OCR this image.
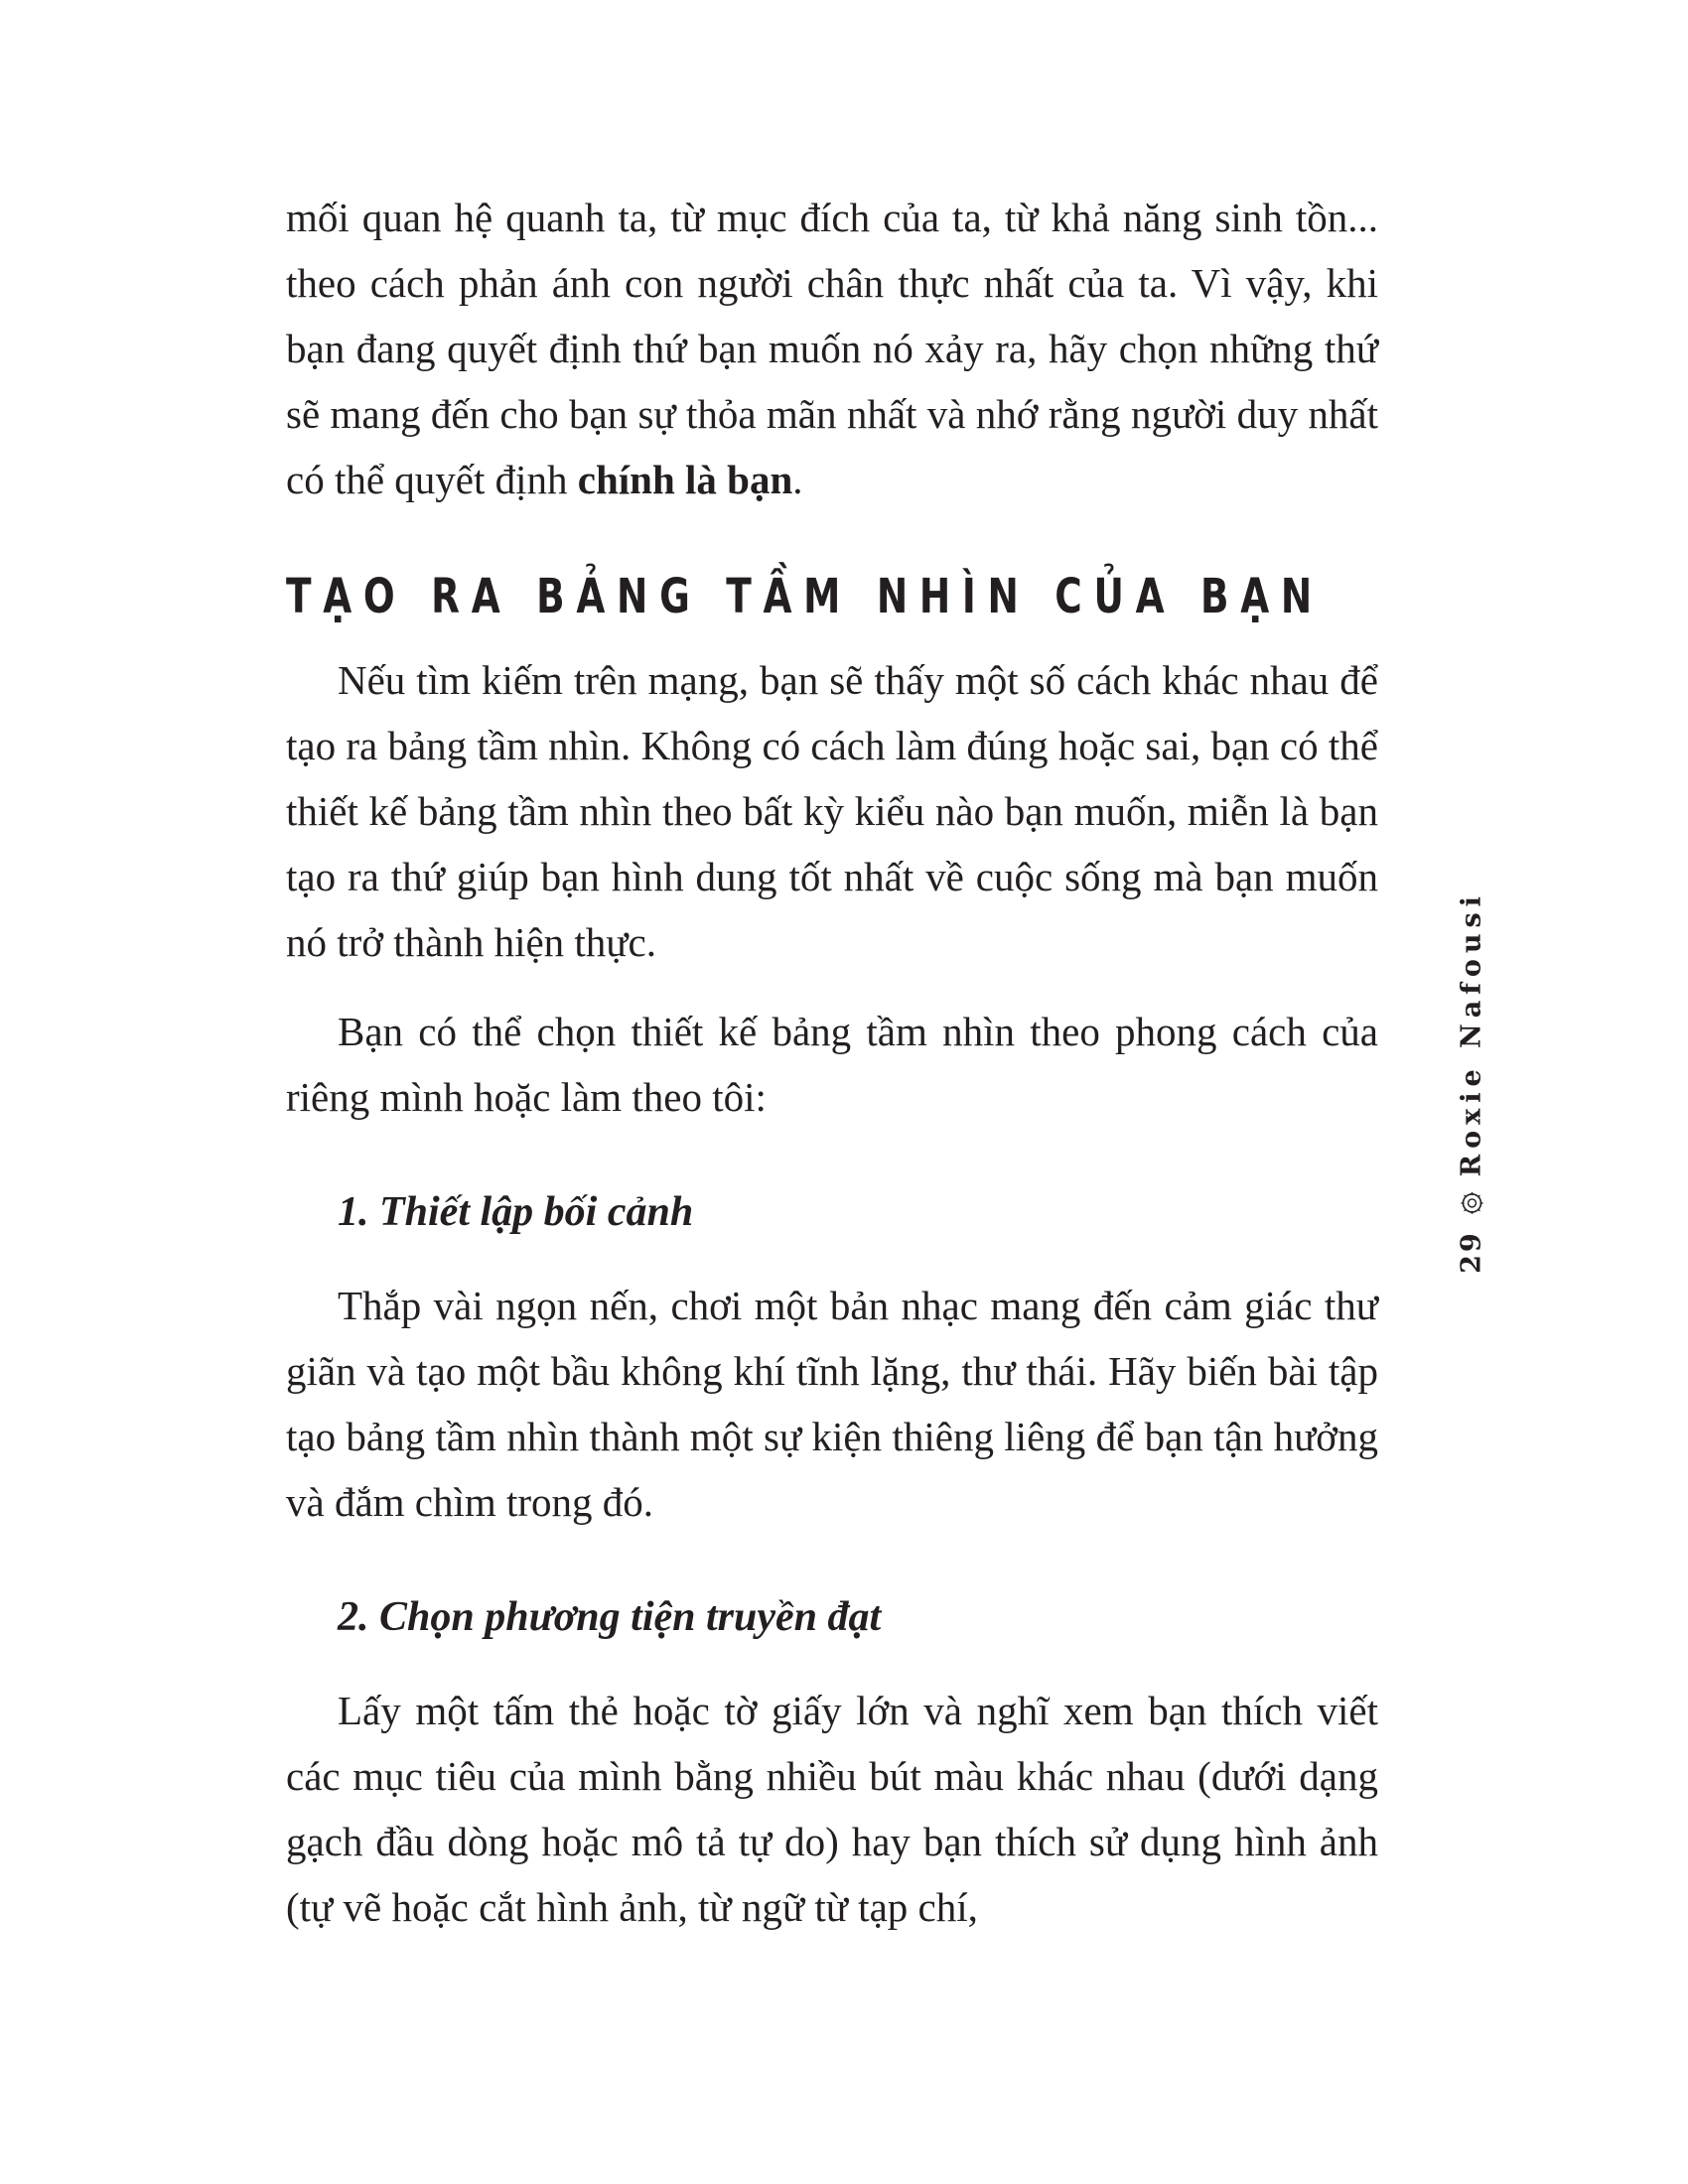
mối quan hệ quanh ta, từ mục đích của ta, từ khả năng sinh tồn... theo cách phản ánh con người chân thực nhất của ta. Vì vậy, khi bạn đang quyết định thứ bạn muốn nó xảy ra, hãy chọn những thứ sẽ mang đến cho bạn sự thỏa mãn nhất và nhớ rằng người duy nhất có thể quyết định chính là bạn.

TẠO RA BẢNG TẦM NHÌN CỦA BẠN

Nếu tìm kiếm trên mạng, bạn sẽ thấy một số cách khác nhau để tạo ra bảng tầm nhìn. Không có cách làm đúng hoặc sai, bạn có thể thiết kế bảng tầm nhìn theo bất kỳ kiểu nào bạn muốn, miễn là bạn tạo ra thứ giúp bạn hình dung tốt nhất về cuộc sống mà bạn muốn nó trở thành hiện thực.

Bạn có thể chọn thiết kế bảng tầm nhìn theo phong cách của riêng mình hoặc làm theo tôi:

1. Thiết lập bối cảnh

Thắp vài ngọn nến, chơi một bản nhạc mang đến cảm giác thư giãn và tạo một bầu không khí tĩnh lặng, thư thái. Hãy biến bài tập tạo bảng tầm nhìn thành một sự kiện thiêng liêng để bạn tận hưởng và đắm chìm trong đó.

2. Chọn phương tiện truyền đạt

Lấy một tấm thẻ hoặc tờ giấy lớn và nghĩ xem bạn thích viết các mục tiêu của mình bằng nhiều bút màu khác nhau (dưới dạng gạch đầu dòng hoặc mô tả tự do) hay bạn thích sử dụng hình ảnh (tự vẽ hoặc cắt hình ảnh, từ ngữ từ tạp chí,

29
Roxie Nafousi
